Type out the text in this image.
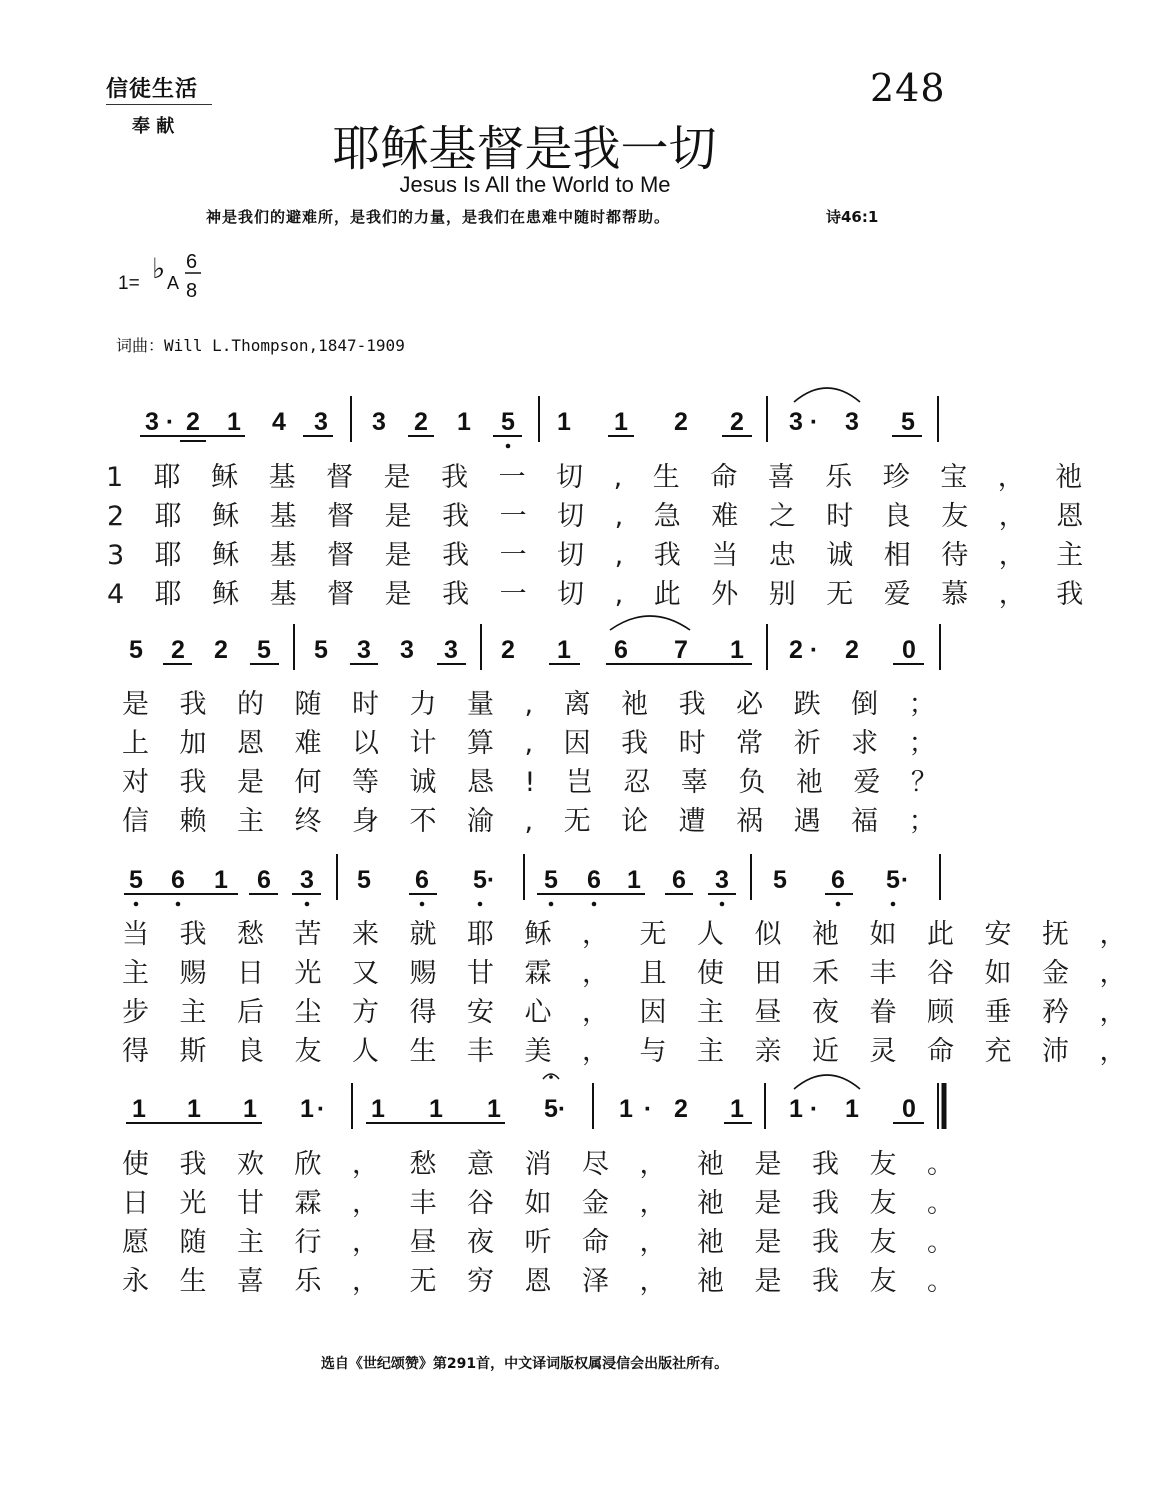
信徒生活
奉 献
248
耶稣基督是我一切
Jesus Is All the World to Me
神是我们的避难所，是我们的力量，是我们在患难中随时都帮助。	诗46:1
1= ♭ A
6
8
词曲：Will L.Thompson,1847-1909
3 · 2 1 4 3 3 2 1 5 1 1 2 2 3 · 3 5
5 2 2 5 5 3 3 3 2 1 6 7 1 2 · 2 0
5 6 1 6 3 5 6 5 · 5 6 1 6 3 5 6 5 ·
1 1 1 1 · 1 1 1 5 · 1 · 2 1 1 · 1 0
1耶稣基督是我一切,生命喜乐珍宝，祂
2耶稣基督是我一切,急难之时良友，恩
3耶稣基督是我一切,我当忠诚相待，主
4耶稣基督是我一切,此外别无爱慕，我
是我的随时力量,离祂我必跌倒；
上加恩难以计算,因我时常祈求；
对我是何等诚恳!岂忍辜负祂爱？
信赖主终身不渝,无论遭祸遇福；
当我愁苦来就耶稣，无人似祂如此安抚，
主赐日光又赐甘霖，且使田禾丰谷如金，
步主后尘方得安心，因主昼夜眷顾垂矜，
得斯良友人生丰美，与主亲近灵命充沛，
使我欢欣，愁意消尽，祂是我友。
日光甘霖，丰谷如金，祂是我友。
愿随主行，昼夜听命，祂是我友。
永生喜乐，无穷恩泽，祂是我友。
选自《世纪颂赞》第291首，中文译词版权属浸信会出版社所有。
